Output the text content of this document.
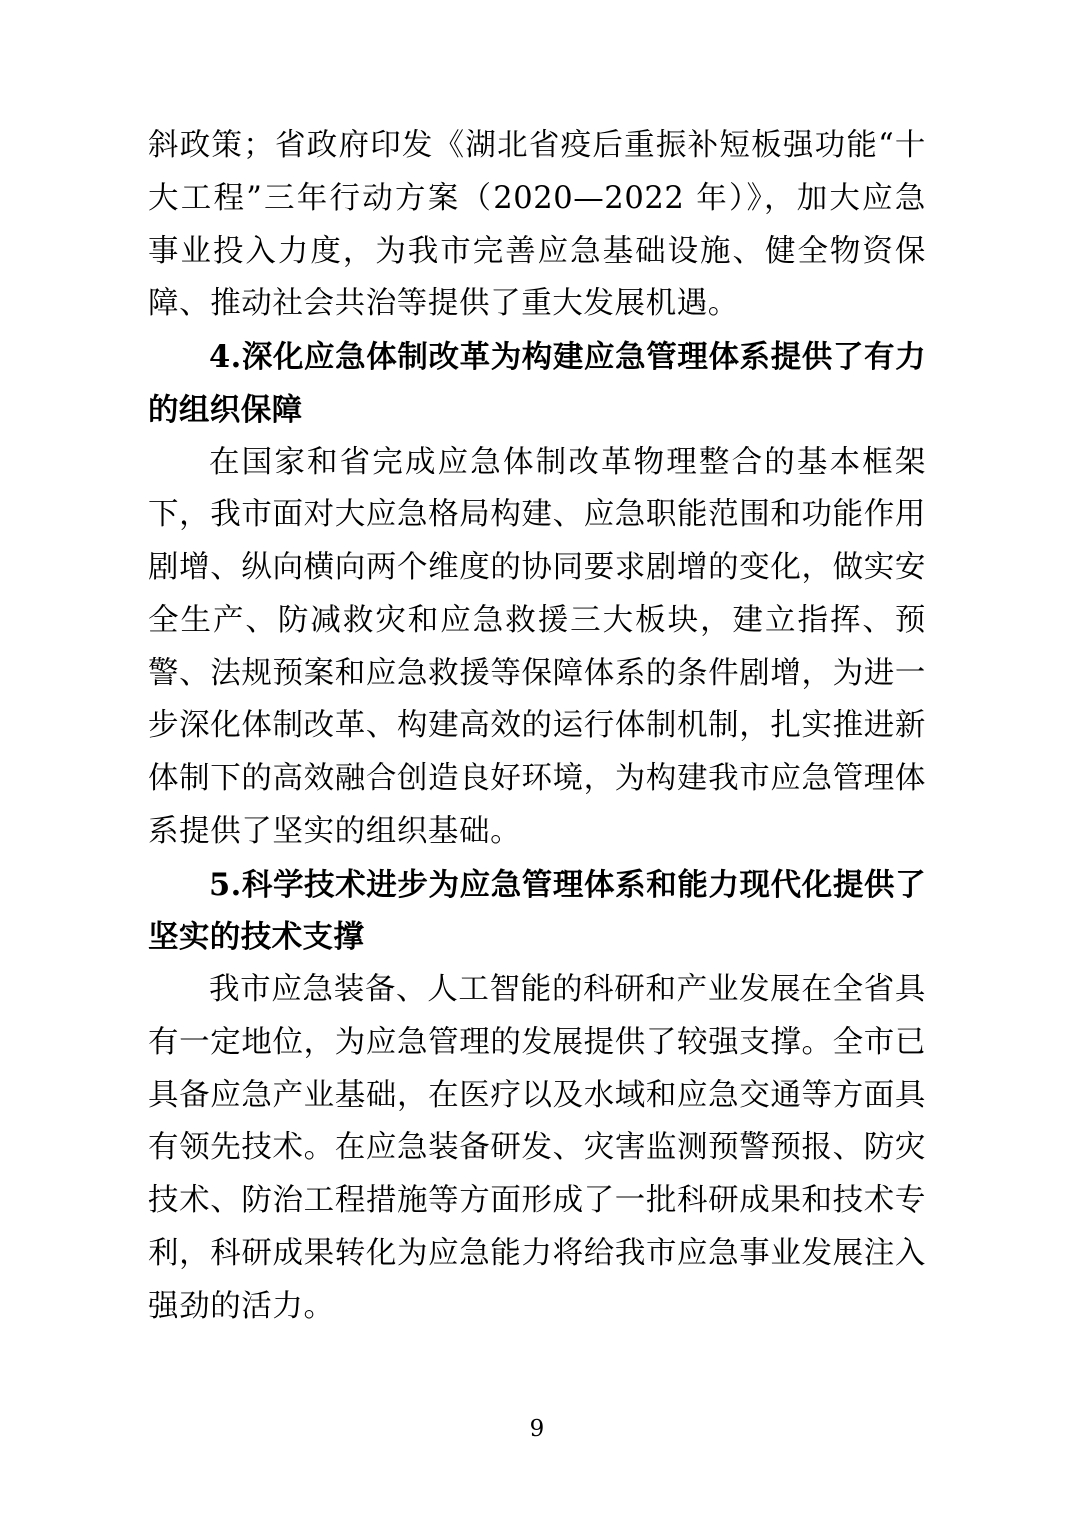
斜政策；省政府印发《湖北省疫后重振补短板强功能“十大工程”三年行动方案（2020—2022 年）》，加大应急事业投入力度，为我市完善应急基础设施、健全物资保障、推动社会共治等提供了重大发展机遇。

4.深化应急体制改革为构建应急管理体系提供了有力的组织保障

在国家和省完成应急体制改革物理整合的基本框架下，我市面对大应急格局构建、应急职能范围和功能作用剧增、纵向横向两个维度的协同要求剧增的变化，做实安全生产、防减救灾和应急救援三大板块，建立指挥、预警、法规预案和应急救援等保障体系的条件剧增，为进一步深化体制改革、构建高效的运行体制机制，扎实推进新体制下的高效融合创造良好环境，为构建我市应急管理体系提供了坚实的组织基础。

5.科学技术进步为应急管理体系和能力现代化提供了坚实的技术支撑

我市应急装备、人工智能的科研和产业发展在全省具有一定地位，为应急管理的发展提供了较强支撑。全市已具备应急产业基础，在医疗以及水域和应急交通等方面具有领先技术。在应急装备研发、灾害监测预警预报、防灾技术、防治工程措施等方面形成了一批科研成果和技术专利，科研成果转化为应急能力将给我市应急事业发展注入强劲的活力。

9
